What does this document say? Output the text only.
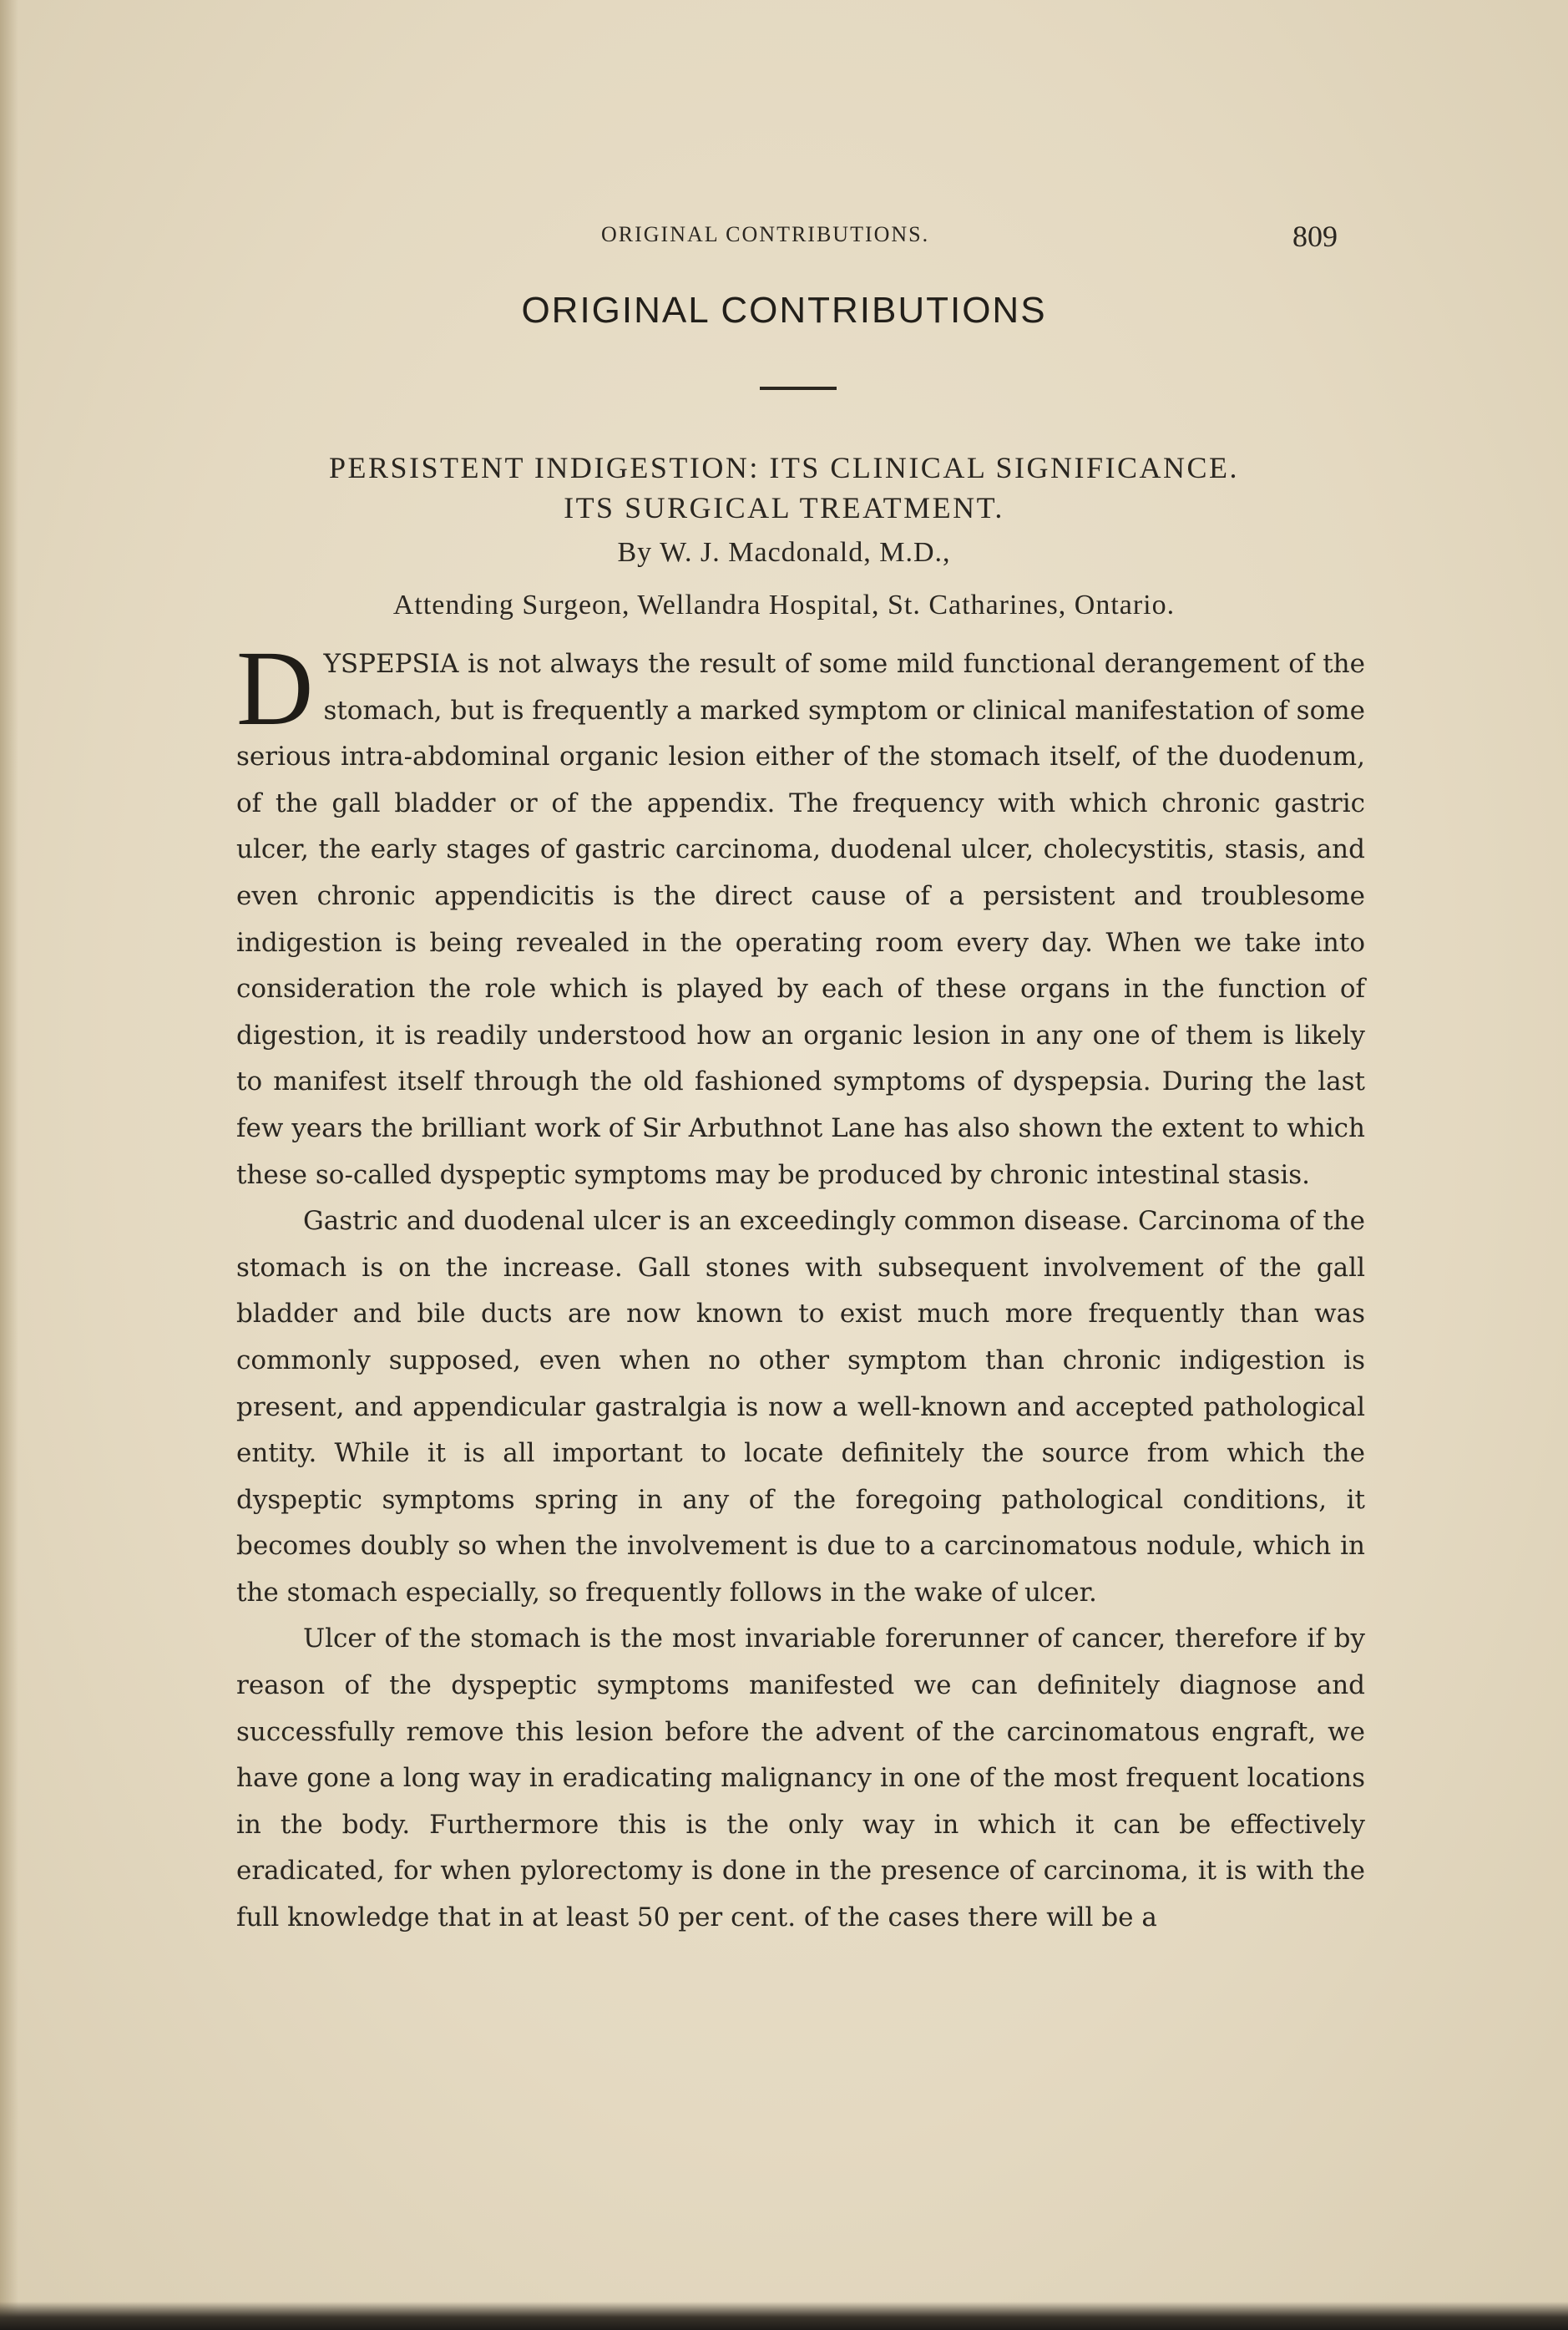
ORIGINAL CONTRIBUTIONS.	809
ORIGINAL CONTRIBUTIONS
PERSISTENT INDIGESTION: ITS CLINICAL SIGNIFICANCE.
ITS SURGICAL TREATMENT.
By W. J. Macdonald, M.D.,
Attending Surgeon, Wellandra Hospital, St. Catharines, Ontario.

DYSPEPSIA is not always the result of some mild functional derangement of the stomach, but is frequently a marked symptom or clinical manifestation of some serious intra-abdominal organic lesion either of the stomach itself, of the duodenum, of the gall bladder or of the appendix. The frequency with which chronic gastric ulcer, the early stages of gastric carcinoma, duodenal ulcer, cholecystitis, stasis, and even chronic appendicitis is the direct cause of a persistent and troublesome indigestion is being revealed in the operating room every day. When we take into consideration the role which is played by each of these organs in the function of digestion, it is readily understood how an organic lesion in any one of them is likely to manifest itself through the old fashioned symptoms of dyspepsia. During the last few years the brilliant work of Sir Arbuthnot Lane has also shown the extent to which these so-called dyspeptic symptoms may be produced by chronic intestinal stasis.

Gastric and duodenal ulcer is an exceedingly common disease. Carcinoma of the stomach is on the increase. Gall stones with subsequent involvement of the gall bladder and bile ducts are now known to exist much more frequently than was commonly supposed, even when no other symptom than chronic indigestion is present, and appendicular gastralgia is now a well-known and accepted pathological entity. While it is all important to locate definitely the source from which the dyspeptic symptoms spring in any of the foregoing pathological conditions, it becomes doubly so when the involvement is due to a carcinomatous nodule, which in the stomach especially, so frequently follows in the wake of ulcer.

Ulcer of the stomach is the most invariable forerunner of cancer, therefore if by reason of the dyspeptic symptoms manifested we can definitely diagnose and successfully remove this lesion before the advent of the carcinomatous engraft, we have gone a long way in eradicating malignancy in one of the most frequent locations in the body. Furthermore this is the only way in which it can be effectively eradicated, for when pylorectomy is done in the presence of carcinoma, it is with the full knowledge that in at least 50 per cent. of the cases there will be a
